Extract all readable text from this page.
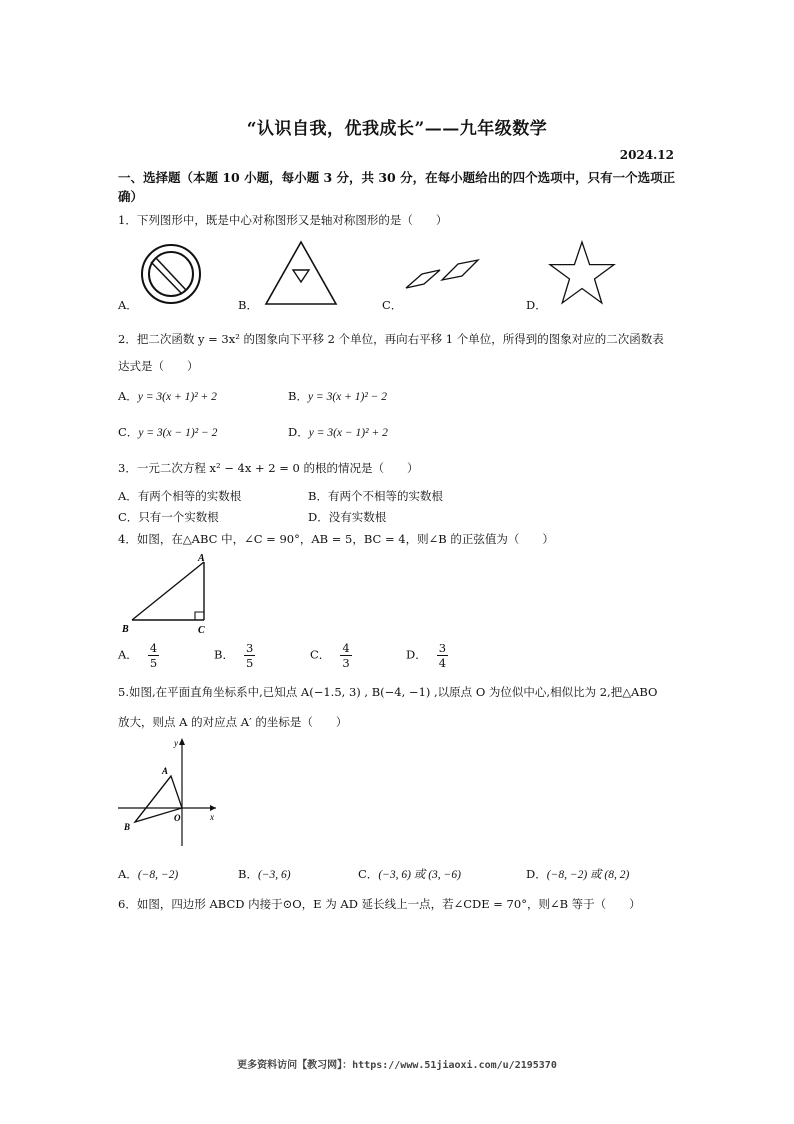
“认识自我，优我成长”——九年级数学
2024.12
一、选择题（本题 10 小题，每小题 3 分，共 30 分，在每小题给出的四个选项中，只有一个选项正确）
1．下列图形中，既是中心对称图形又是轴对称图形的是（　　）
A．	B．	C．	D．
2．把二次函数 y = 3x² 的图象向下平移 2 个单位，再向右平移 1 个单位，所得到的图象对应的二次函数表
达式是（　　）
A．y = 3(x + 1)² + 2	B．y = 3(x + 1)² − 2
C．y = 3(x − 1)² − 2	D．y = 3(x − 1)² + 2
3．一元二次方程 x² − 4x + 2 = 0 的根的情况是（　　）
A．有两个相等的实数根	B．有两个不相等的实数根
C．只有一个实数根	D．没有实数根
4．如图，在△ABC 中，∠C = 90°，AB = 5，BC = 4，则∠B 的正弦值为（　　）
A
B	C
A． $\frac{4}{5}$	B． $\frac{3}{5}$	C． $\frac{4}{3}$	D． $\frac{3}{4}$
5.如图,在平面直角坐标系中,已知点 A(−1.5, 3) , B(−4, −1) ,以原点 O 为位似中心,相似比为 2,把△ABO
放大，则点 A 的对应点 A′ 的坐标是（　　）
y
x
A
B
O
A．(−8, −2)	B．(−3, 6)	C．(−3, 6) 或 (3, −6)	D．(−8, −2) 或 (8, 2)
6．如图，四边形 ABCD 内接于⊙O，E 为 AD 延长线上一点，若∠CDE = 70°，则∠B 等于（　　）
更多资料访问【教习网】：https://www.51jiaoxi.com/u/2195370
